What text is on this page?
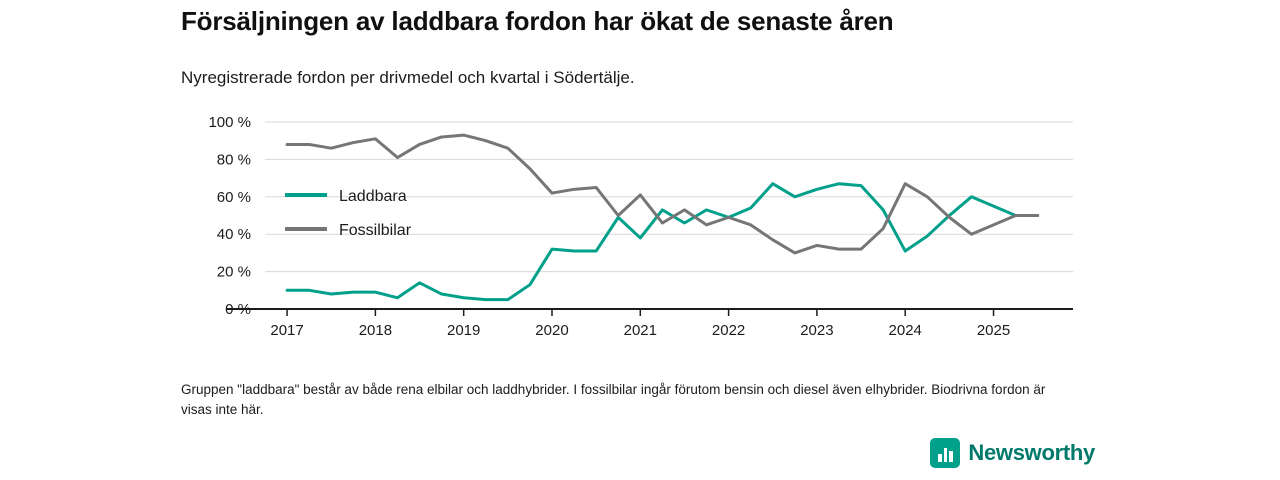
Försäljningen av laddbara fordon har ökat de senaste åren
Nyregistrerade fordon per drivmedel och kvartal i Södertälje.
0 %
20 %
40 %
60 %
80 %
100 %
2017	2018	2019	2020	2021	2022	2023	2024	2025
Laddbara
Fossilbilar
Gruppen "laddbara" består av både rena elbilar och laddhybrider. I fossilbilar ingår förutom bensin och diesel även elhybrider. Biodrivna fordon är visas inte här.
Newsworthy
